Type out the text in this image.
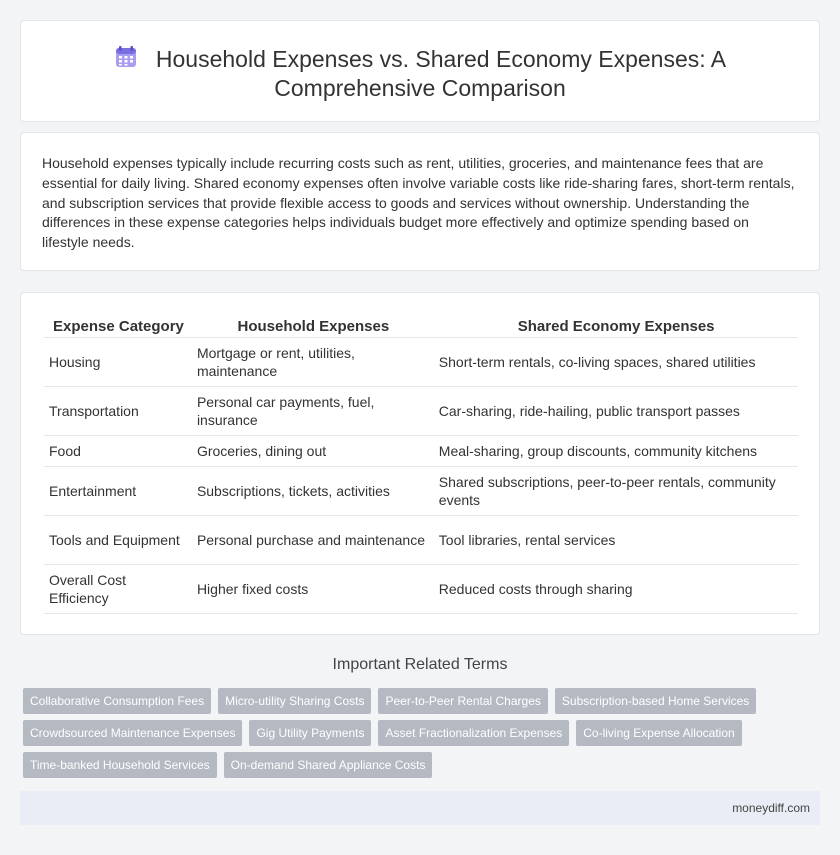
Household Expenses vs. Shared Economy Expenses: A
Comprehensive Comparison

Household expenses typically include recurring costs such as rent, utilities, groceries, and maintenance fees that are essential for daily living. Shared economy expenses often involve variable costs like ride-sharing fares, short-term rentals, and subscription services that provide flexible access to goods and services without ownership. Understanding the differences in these expense categories helps individuals budget more effectively and optimize spending based on lifestyle needs.

Expense Category	Household Expenses	Shared Economy Expenses
Housing	Mortgage or rent, utilities, maintenance	Short-term rentals, co-living spaces, shared utilities
Transportation	Personal car payments, fuel, insurance	Car-sharing, ride-hailing, public transport passes
Food	Groceries, dining out	Meal-sharing, group discounts, community kitchens
Entertainment	Subscriptions, tickets, activities	Shared subscriptions, peer-to-peer rentals, community events
Tools and Equipment	Personal purchase and maintenance	Tool libraries, rental services
Overall Cost Efficiency	Higher fixed costs	Reduced costs through sharing
Important Related Terms
Collaborative Consumption Fees	Micro-utility Sharing Costs	Peer-to-Peer Rental Charges	Subscription-based Home Services
Crowdsourced Maintenance Expenses	Gig Utility Payments	Asset Fractionalization Expenses	Co-living Expense Allocation
Time-banked Household Services	On-demand Shared Appliance Costs
moneydiff.com
